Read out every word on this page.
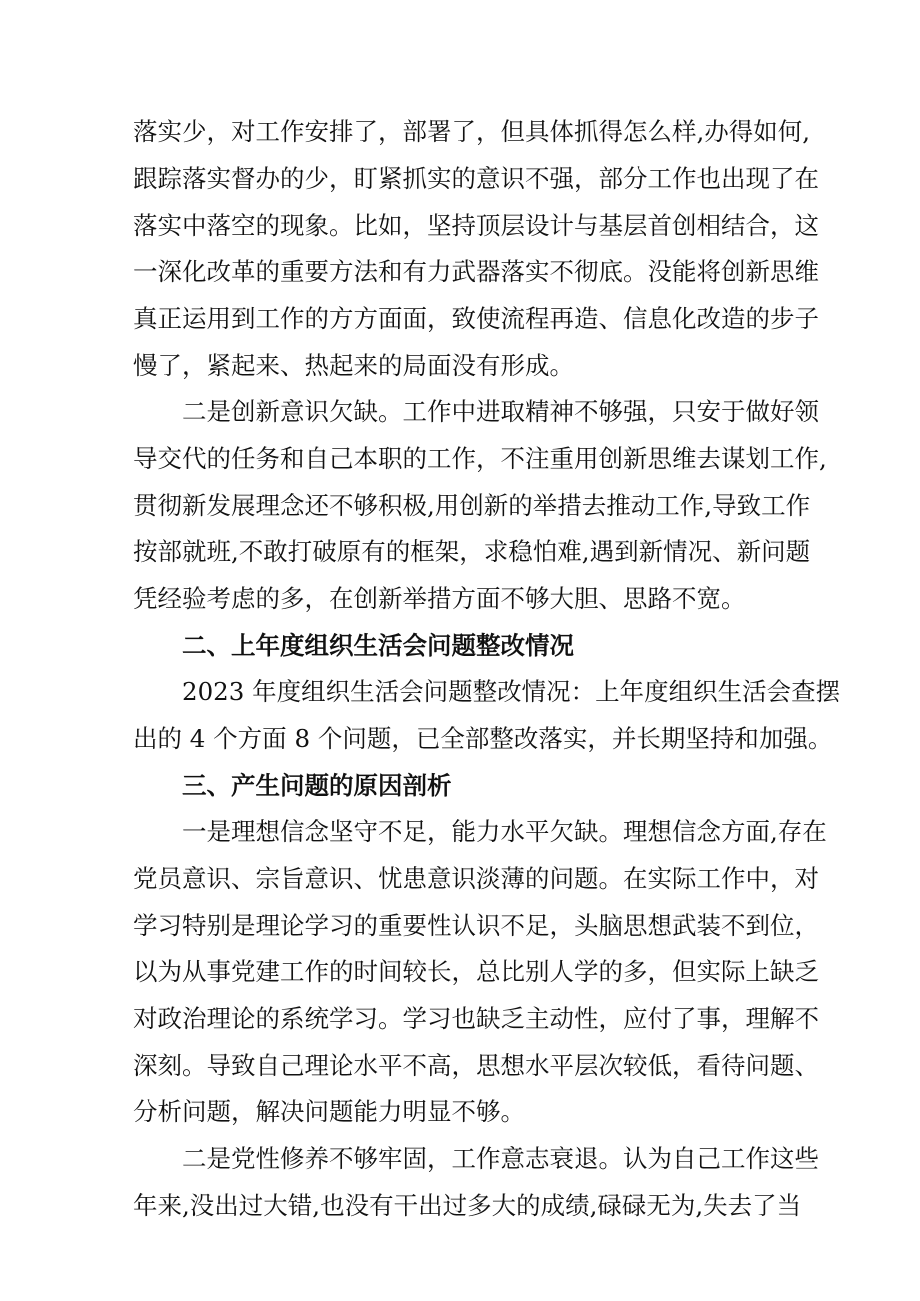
落实少，对工作安排了，部署了，但具体抓得怎么样,办得如何,
跟踪落实督办的少，盯紧抓实的意识不强，部分工作也出现了在
落实中落空的现象。比如，坚持顶层设计与基层首创相结合，这
一深化改革的重要方法和有力武器落实不彻底。没能将创新思维
真正运用到工作的方方面面，致使流程再造、信息化改造的步子
慢了，紧起来、热起来的局面没有形成。
二是创新意识欠缺。工作中进取精神不够强，只安于做好领
导交代的任务和自己本职的工作，不注重用创新思维去谋划工作,
贯彻新发展理念还不够积极,用创新的举措去推动工作,导致工作
按部就班,不敢打破原有的框架，求稳怕难,遇到新情况、新问题
凭经验考虑的多，在创新举措方面不够大胆、思路不宽。
二、上年度组织生活会问题整改情况
2023 年度组织生活会问题整改情况：上年度组织生活会查摆
出的 4 个方面 8 个问题，已全部整改落实，并长期坚持和加强。
三、产生问题的原因剖析
一是理想信念坚守不足，能力水平欠缺。理想信念方面,存在
党员意识、宗旨意识、忧患意识淡薄的问题。在实际工作中，对
学习特别是理论学习的重要性认识不足，头脑思想武装不到位，
以为从事党建工作的时间较长，总比别人学的多，但实际上缺乏
对政治理论的系统学习。学习也缺乏主动性，应付了事，理解不
深刻。导致自己理论水平不高，思想水平层次较低，看待问题、
分析问题，解决问题能力明显不够。
二是党性修养不够牢固，工作意志衰退。认为自己工作这些
年来,没出过大错,也没有干出过多大的成绩,碌碌无为,失去了当
